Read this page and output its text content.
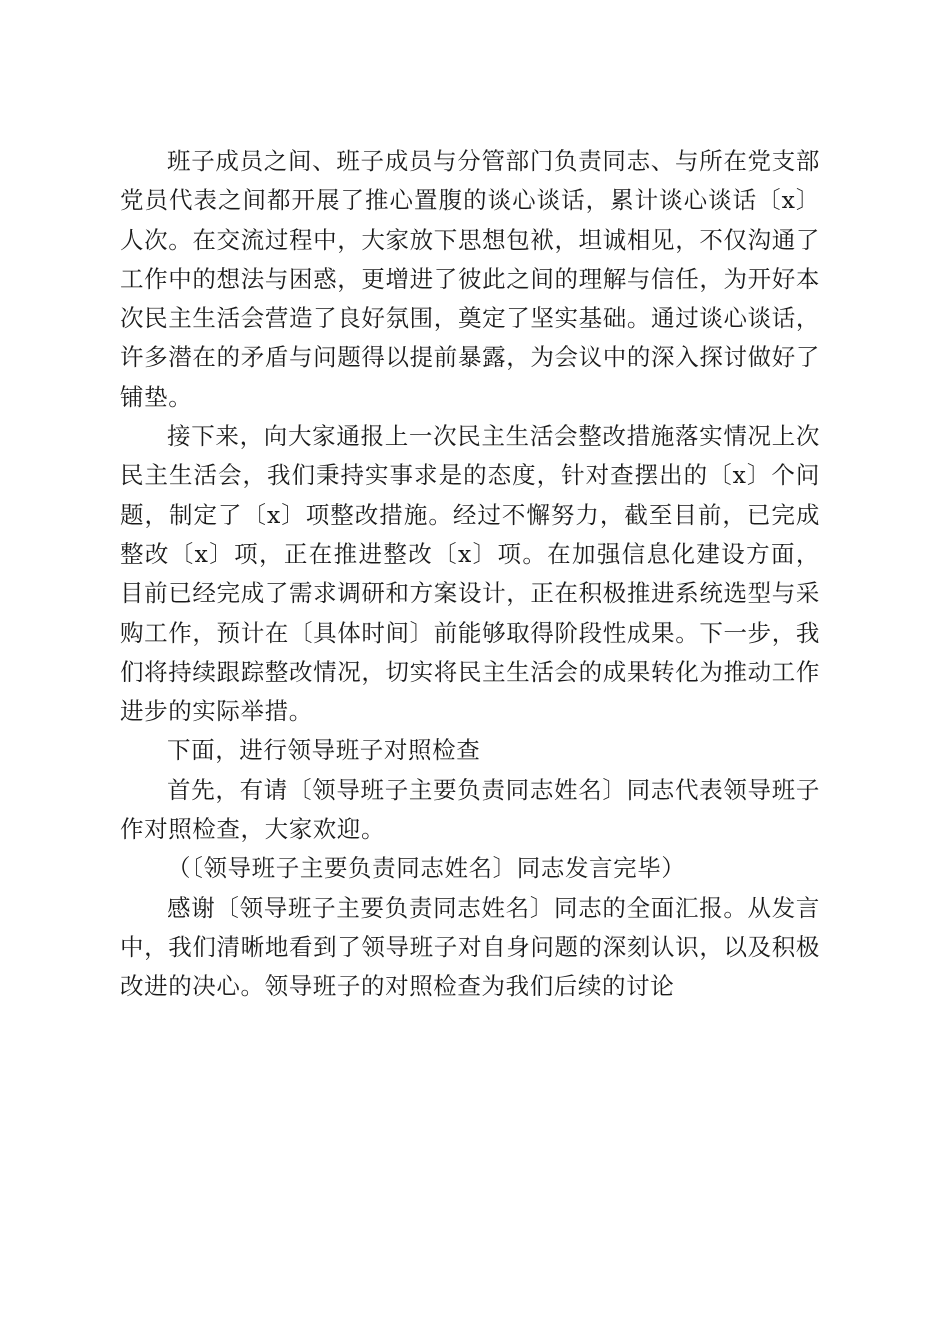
班子成员之间、班子成员与分管部门负责同志、与所在党支部党员代表之间都开展了推心置腹的谈心谈话，累计谈心谈话〔x〕人次。在交流过程中，大家放下思想包袱，坦诚相见，不仅沟通了工作中的想法与困惑，更增进了彼此之间的理解与信任，为开好本次民主生活会营造了良好氛围，奠定了坚实基础。通过谈心谈话，许多潜在的矛盾与问题得以提前暴露，为会议中的深入探讨做好了铺垫。

接下来，向大家通报上一次民主生活会整改措施落实情况上次民主生活会，我们秉持实事求是的态度，针对查摆出的〔x〕个问题，制定了〔x〕项整改措施。经过不懈努力，截至目前，已完成整改〔x〕项，正在推进整改〔x〕项。在加强信息化建设方面，目前已经完成了需求调研和方案设计，正在积极推进系统选型与采购工作，预计在〔具体时间〕前能够取得阶段性成果。下一步，我们将持续跟踪整改情况，切实将民主生活会的成果转化为推动工作进步的实际举措。

下面，进行领导班子对照检查

首先，有请〔领导班子主要负责同志姓名〕同志代表领导班子作对照检查，大家欢迎。

（〔领导班子主要负责同志姓名〕同志发言完毕）

感谢〔领导班子主要负责同志姓名〕同志的全面汇报。从发言中，我们清晰地看到了领导班子对自身问题的深刻认识，以及积极改进的决心。领导班子的对照检查为我们后续的讨论
